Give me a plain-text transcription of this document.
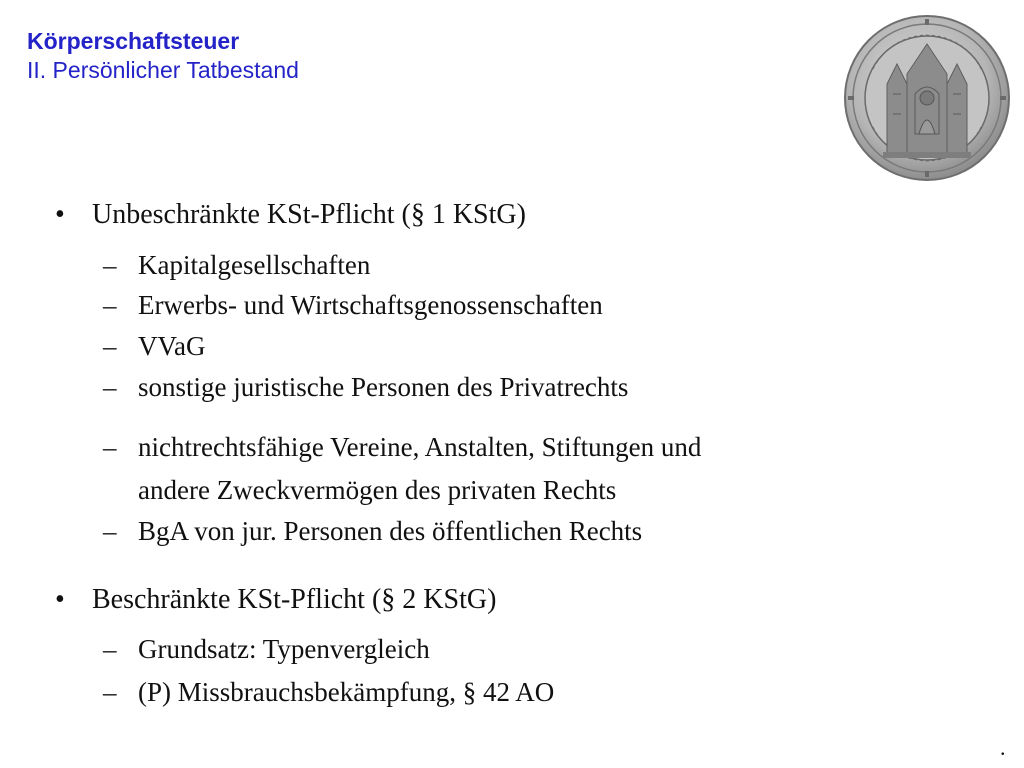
Körperschaftsteuer
II. Persönlicher Tatbestand
• Unbeschränkte KSt-Pflicht (§ 1 KStG)
– Kapitalgesellschaften
– Erwerbs- und Wirtschaftsgenossenschaften
– VVaG
– sonstige juristische Personen des Privatrechts
– nichtrechtsfähige Vereine, Anstalten, Stiftungen und
andere Zweckvermögen des privaten Rechts
– BgA von jur. Personen des öffentlichen Rechts
• Beschränkte KSt-Pflicht (§ 2 KStG)
– Grundsatz: Typenvergleich
– (P) Missbrauchsbekämpfung, § 42 AO
.
